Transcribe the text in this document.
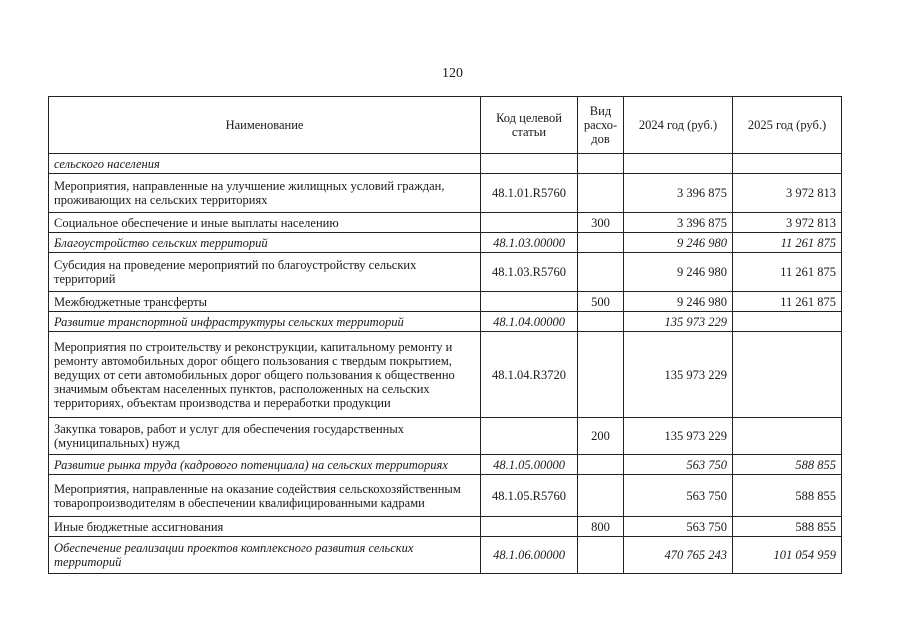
120
Наименование	Код целевой статьи	Вид расхо-дов	2024 год (руб.)	2025 год (руб.)
сельского населения				
Мероприятия, направленные на улучшение жилищных условий граждан, проживающих на сельских территориях	48.1.01.R5760		3 396 875	3 972 813
Социальное обеспечение и иные выплаты населению		300	3 396 875	3 972 813
Благоустройство сельских территорий	48.1.03.00000		9 246 980	11 261 875
Субсидия на проведение мероприятий по благоустройству сельских территорий	48.1.03.R5760		9 246 980	11 261 875
Межбюджетные трансферты		500	9 246 980	11 261 875
Развитие транспортной инфраструктуры сельских территорий	48.1.04.00000		135 973 229	
Мероприятия по строительству и реконструкции, капитальному ремонту и ремонту автомобильных дорог общего пользования с твердым покрытием, ведущих от сети автомобильных дорог общего пользования к общественно значимым объектам населенных пунктов, расположенных на сельских территориях, объектам производства и переработки продукции	48.1.04.R3720		135 973 229	
Закупка товаров, работ и услуг для обеспечения государственных (муниципальных) нужд		200	135 973 229	
Развитие рынка труда (кадрового потенциала) на сельских территориях	48.1.05.00000		563 750	588 855
Мероприятия, направленные на оказание содействия сельскохозяйственным товаропроизводителям в обеспечении квалифицированными кадрами	48.1.05.R5760		563 750	588 855
Иные бюджетные ассигнования		800	563 750	588 855
Обеспечение реализации проектов комплексного развития сельских территорий	48.1.06.00000		470 765 243	101 054 959
